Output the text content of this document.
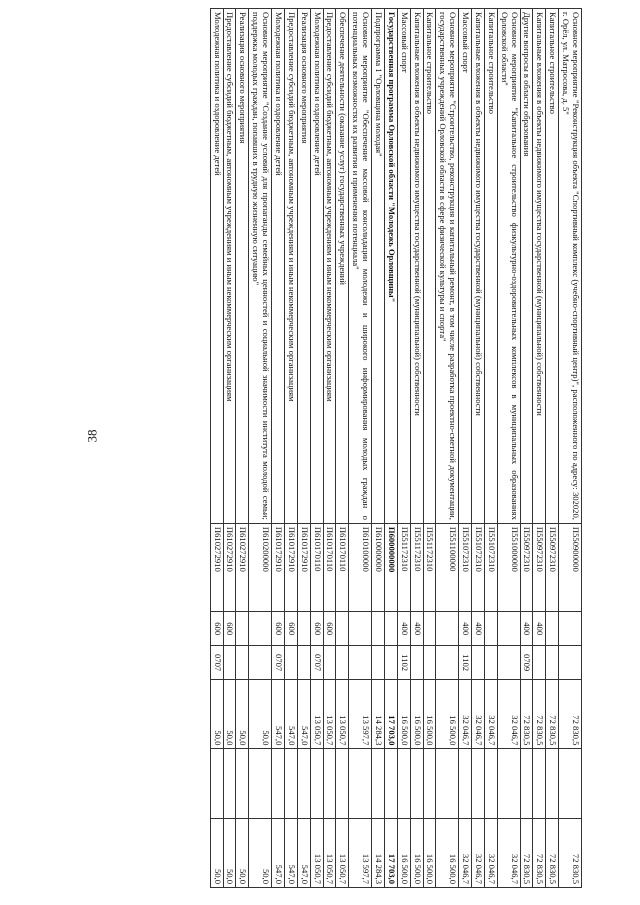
38	Основное мероприятие "Реконструкция объекта "Спортивный комплекс (учебно-спортивный центр)", расположенного по адресу: 302020, г. Орёл, ул. Матросова, д. 5"	П550900000			72 830,5		72 830,5
Капитальное строительство	П550972310			72 830,5		72 830,5
Капитальные вложения в объекты недвижимого имущества государственной (муниципальной) собственности	П550972310	400		72 830,5		72 830,5
Другие вопросы в области образования	П550972310	400	0709	72 830,5		72 830,5
Основное мероприятие "Капитальное строительство физкультурно-оздоровительных комплексов в муниципальных образованиях Орловской области"	П551000000			32 046,7		32 046,7
Капитальное строительство	П551072310			32 046,7		32 046,7
Капитальные вложения в объекты недвижимого имущества государственной (муниципальной) собственности	П551072310	400		32 046,7		32 046,7
Массовый спорт	П551072310	400	1102	32 046,7		32 046,7
Основное мероприятие "Строительство, реконструкция и капитальный ремонт, в том числе разработка проектно-сметной документации, государственных учреждений Орловской области в сфере физической культуры и спорта"	П551100000			16 500,0		16 500,0
Капитальное строительство	П551172310			16 500,0		16 500,0
Капитальные вложения в объекты недвижимого имущества государственной (муниципальной) собственности	П551172310	400		16 500,0		16 500,0
Массовый спорт	П551172310	400	1102	16 500,0		16 500,0
Государственная программа Орловской области "Молодежь Орловщины"	П600000000			17 703,0		17 703,0
Подпрограмма 1 "Орловщина молодая"	П610000000			14 284,3		14 284,3
Основное мероприятие "Обеспечение массовой консолидации молодежи и широкого информирования молодых граждан о потенциальных возможностях их развития и применения потенциала"	П610100000			13 597,7		13 597,7
Обеспечение деятельности (оказание услуг) государственных учреждений	П610170110			13 050,7		13 050,7
Предоставление субсидий бюджетным, автономным учреждениям и иным некоммерческим организациям	П610170110	600		13 050,7		13 050,7
Молодежная политика и оздоровление детей	П610170110	600	0707	13 050,7		13 050,7
Реализация основного мероприятия	П610172910			547,0		547,0
Предоставление субсидий бюджетным, автономным учреждениям и иным некоммерческим организациям	П610172910	600		547,0		547,0
Молодежная политика и оздоровление детей	П610172910	600	0707	547,0		547,0
Основное мероприятие "Создание условий для пропаганды семейных ценностей и социальной значимости института молодой семьи; поддержка молодых граждан, попавших в трудную жизненную ситуацию"	П610200000			50,0		50,0
Реализация основного мероприятия	П610272910			50,0		50,0
Предоставление субсидий бюджетным, автономным учреждениям и иным некоммерческим организациям	П610272910	600		50,0		50,0
Молодежная политика и оздоровление детей	П610272910	600	0707	50,0		50,0
